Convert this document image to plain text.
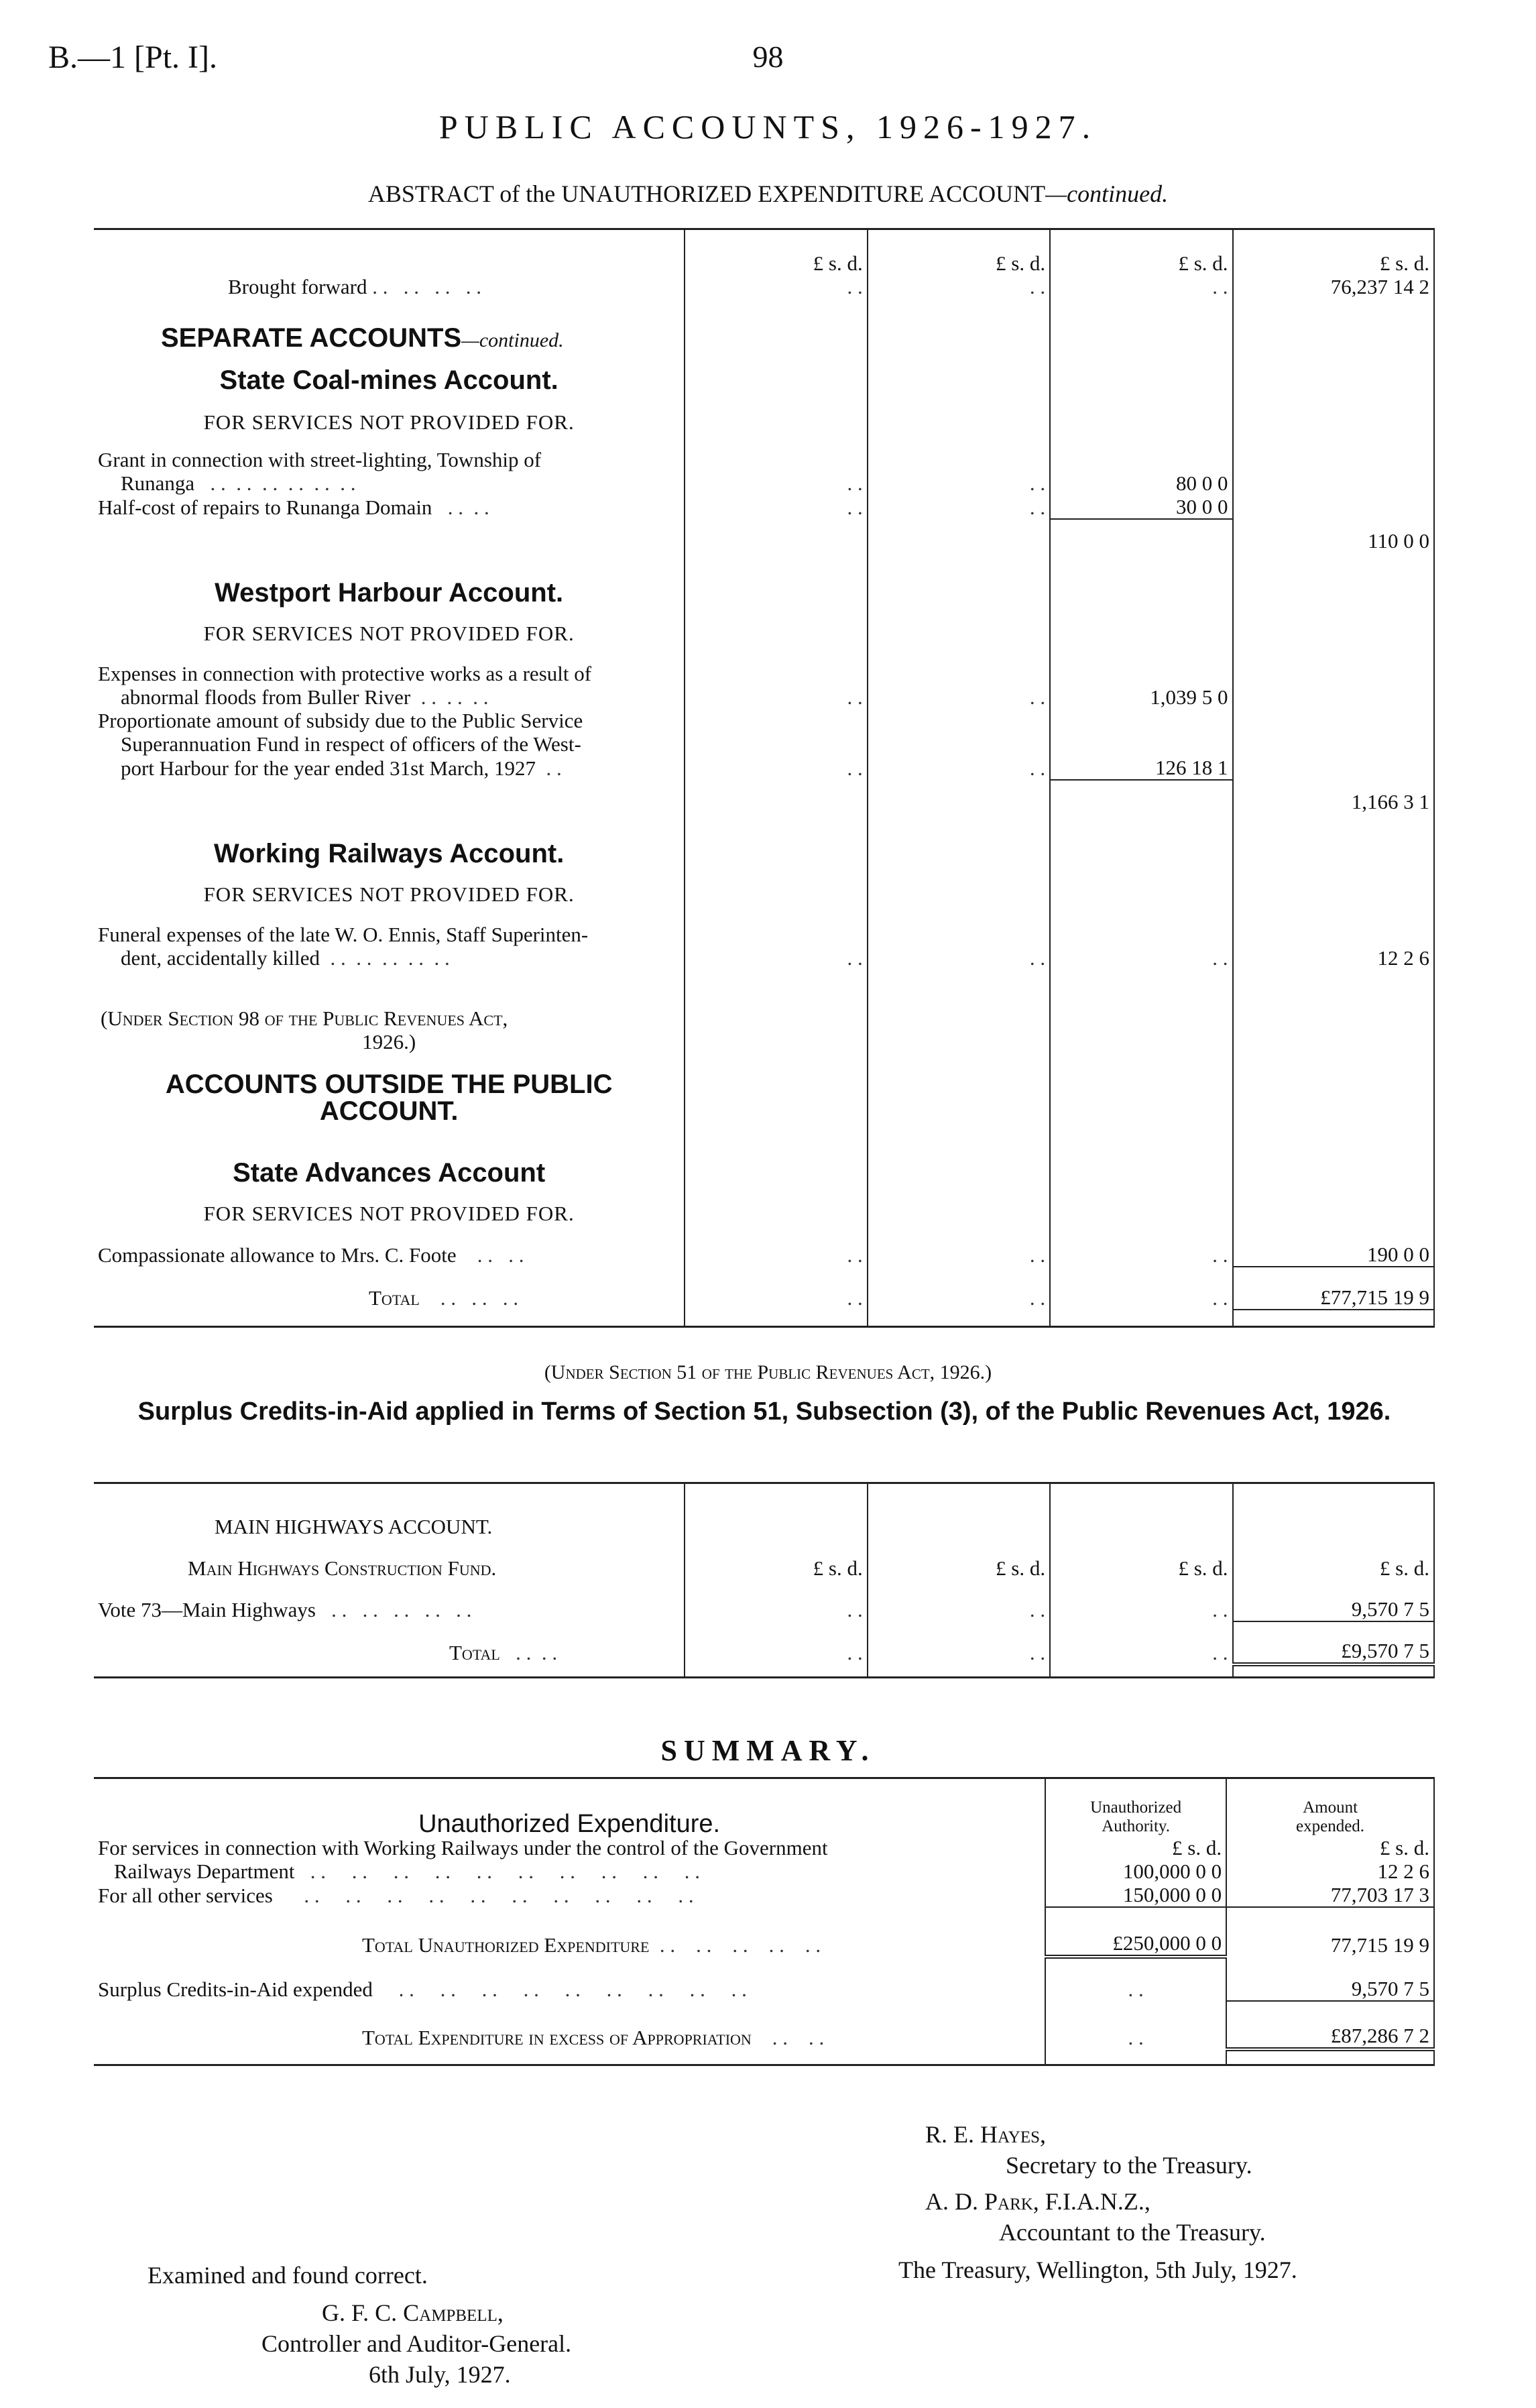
B.—1 [Pt. I].	98
PUBLIC ACCOUNTS, 1926-1927.
ABSTRACT of the UNAUTHORIZED EXPENDITURE ACCOUNT—continued.
	£ s. d.	£ s. d.	£ s. d.	£ s. d.
Brought forward . .   . .   . .   . .	. .	. .	. .	76,237 14 2
SEPARATE ACCOUNTS—continued.				
State Coal-mines Account.				
FOR SERVICES NOT PROVIDED FOR.				
Grant in connection with street-lighting, Township of				
Runanga   . .  . .  . .  . .  . .  . .	. .	. .	80 0 0	
Half-cost of repairs to Runanga Domain   . .  . .	. .	. .	30 0 0	
				110 0 0
Westport Harbour Account.				
FOR SERVICES NOT PROVIDED FOR.				
Expenses in connection with protective works as a result of				
abnormal floods from Buller River  . .  . .  . .	. .	. .	1,039 5 0	
Proportionate amount of subsidy due to the Public Service				
Superannuation Fund in respect of officers of the West-				
port Harbour for the year ended 31st March, 1927  . .	. .	. .	126 18 1	
				1,166 3 1
Working Railways Account.				
FOR SERVICES NOT PROVIDED FOR.				
Funeral expenses of the late W. O. Ennis, Staff Superinten-				
dent, accidentally killed  . .  . .  . .  . .  . .	. .	. .	. .	12 2 6
(Under Section 98 of the Public Revenues Act,				
1926.)				
ACCOUNTS OUTSIDE THE PUBLIC				
ACCOUNT.				
State Advances Account				
FOR SERVICES NOT PROVIDED FOR.				
Compassionate allowance to Mrs. C. Foote    . .   . .	. .	. .	. .	190 0 0
Total    . .   . .   . .	. .	. .	. .	£77,715 19 9

(Under Section 51 of the Public Revenues Act, 1926.)
Surplus Credits-in-Aid applied in Terms of Section 51, Subsection (3), of the Public Revenues Act, 1926.
MAIN HIGHWAYS ACCOUNT.				
Main Highways Construction Fund.	£ s. d.	£ s. d.	£ s. d.	£ s. d.
Vote 73—Main Highways   . .   . .   . .   . .   . .	. .	. .	. .	9,570 7 5
Total   . .  . .	. .	. .	. .	£9,570 7 5

SUMMARY.
Unauthorized Expenditure.	Unauthorized Authority.	Amount expended.
For services in connection with Working Railways under the control of the Government	£ s. d.	£ s. d.
Railways Department   . .     . .     . .     . .     . .     . .     . .     . .     . .     . .	100,000 0 0	12 2 6
For all other services      . .     . .     . .     . .     . .     . .     . .     . .     . .     . .	150,000 0 0	77,703 17 3
Total Unauthorized Expenditure  . .    . .    . .    . .    . .	£250,000 0 0	77,715 19 9
Surplus Credits-in-Aid expended     . .     . .     . .     . .     . .     . .     . .     . .     . .	. .	9,570 7 5
Total Expenditure in excess of Appropriation    . .    . .	. .	£87,286 7 2

R. E. Hayes,
Secretary to the Treasury.
A. D. Park, F.I.A.N.Z.,
Accountant to the Treasury.
The Treasury, Wellington, 5th July, 1927.
Examined and found correct.
G. F. C. Campbell,
Controller and Auditor-General.
6th July, 1927.
